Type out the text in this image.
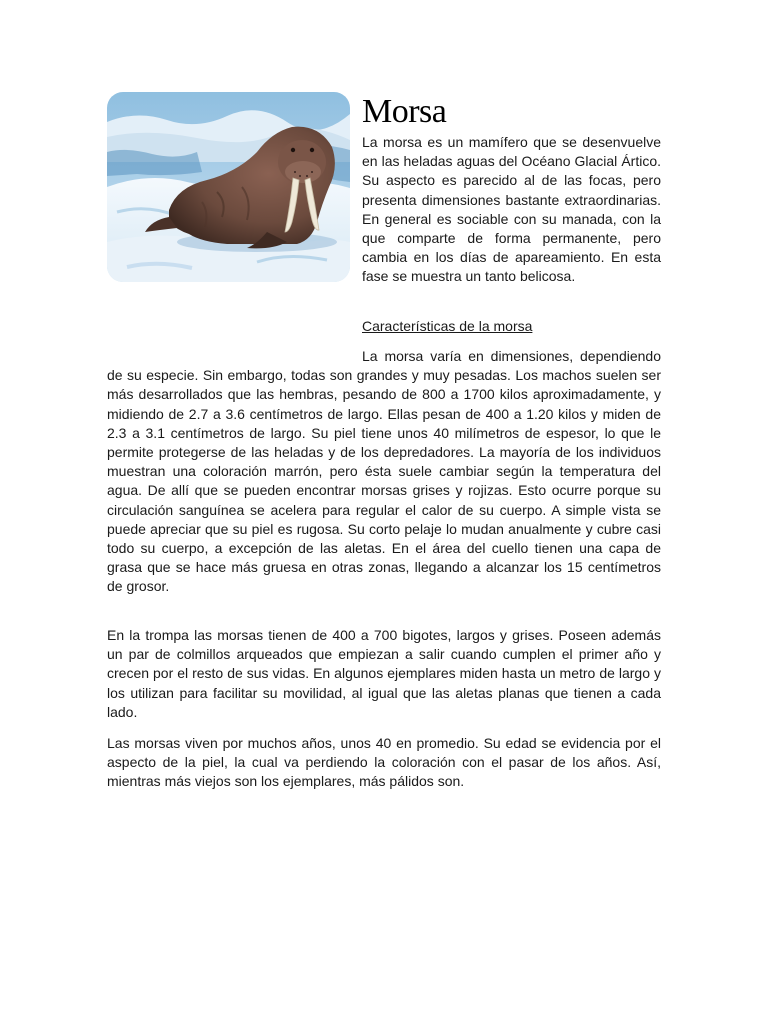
Morsa

La morsa es un mamífero que se desenvuelve en las heladas aguas del Océano Glacial Ártico. Su aspecto es parecido al de las focas, pero presenta dimensiones bastante extraordinarias. En general es sociable con su manada, con la que comparte de forma permanente, pero cambia en los días de apareamiento. En esta fase se muestra un tanto belicosa.

Características de la morsa

La morsa varía en dimensiones, dependiendo de su especie. Sin embargo, todas son grandes y muy pesadas. Los machos suelen ser más desarrollados que las hembras, pesando de 800 a 1700 kilos aproximadamente, y midiendo de 2.7 a 3.6 centímetros de largo. Ellas pesan de 400 a 1.20 kilos y miden de 2.3 a 3.1 centímetros de largo. Su piel tiene unos 40 milímetros de espesor, lo que le permite protegerse de las heladas y de los depredadores. La mayoría de los individuos muestran una coloración marrón, pero ésta suele cambiar según la temperatura del agua. De allí que se pueden encontrar morsas grises y rojizas. Esto ocurre porque su circulación sanguínea se acelera para regular el calor de su cuerpo. A simple vista se puede apreciar que su piel es rugosa. Su corto pelaje lo mudan anualmente y cubre casi todo su cuerpo, a excepción de las aletas. En el área del cuello tienen una capa de grasa que se hace más gruesa en otras zonas, llegando a alcanzar los 15 centímetros de grosor.

En la trompa las morsas tienen de 400 a 700 bigotes, largos y grises. Poseen además un par de colmillos arqueados que empiezan a salir cuando cumplen el primer año y crecen por el resto de sus vidas. En algunos ejemplares miden hasta un metro de largo y los utilizan para facilitar su movilidad, al igual que las aletas planas que tienen a cada lado.

Las morsas viven por muchos años, unos 40 en promedio. Su edad se evidencia por el aspecto de la piel, la cual va perdiendo la coloración con el pasar de los años. Así, mientras más viejos son los ejemplares, más pálidos son.
